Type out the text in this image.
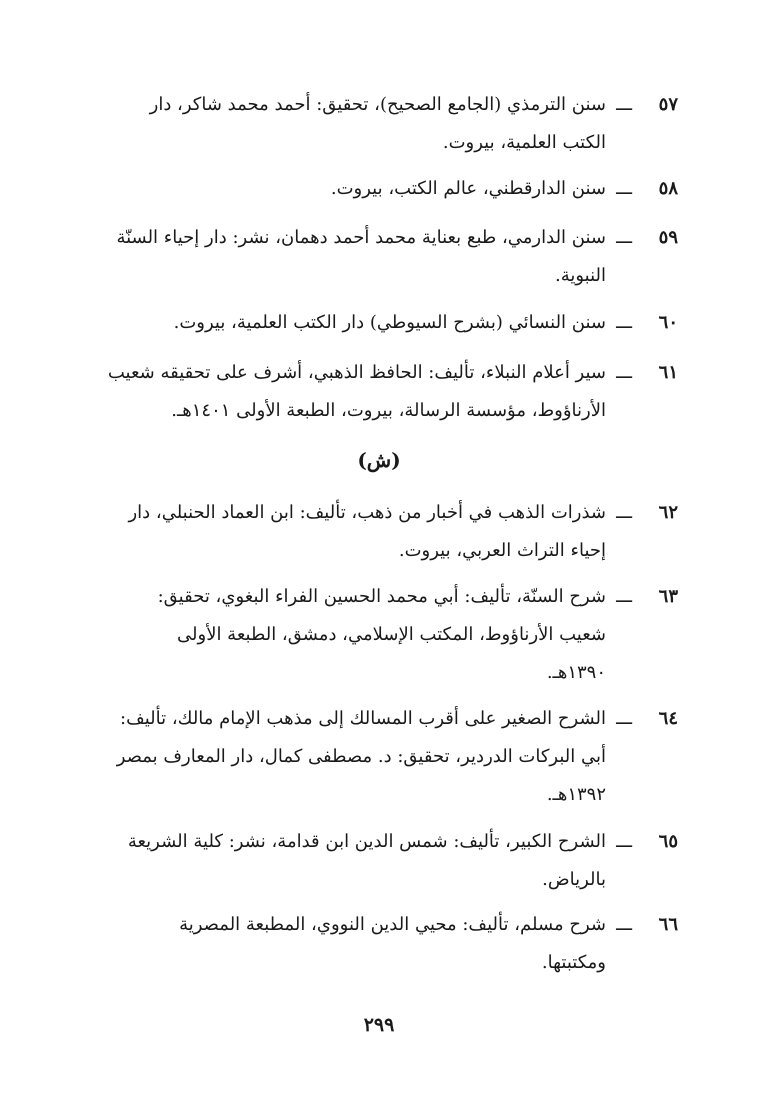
٥٧
ـــ
سنن الترمذي (الجامع الصحيح)، تحقيق: أحمد محمد شاكر، دار
الكتب العلمية، بيروت.
٥٨
ـــ
سنن الدارقطني، عالم الكتب، بيروت.
٥٩
ـــ
سنن الدارمي، طبع بعناية محمد أحمد دهمان، نشر: دار إحياء السنّة
النبوية.
٦٠
ـــ
سنن النسائي (بشرح السيوطي) دار الكتب العلمية، بيروت.
٦١
ـــ
سير أعلام النبلاء، تأليف: الحافظ الذهبي، أشرف على تحقيقه شعيب
الأرناؤوط، مؤسسة الرسالة، بيروت، الطبعة الأولى ١٤٠١هـ.
(ش)
٦٢
ـــ
شذرات الذهب في أخبار من ذهب، تأليف: ابن العماد الحنبلي، دار
إحياء التراث العربي، بيروت.
٦٣
ـــ
شرح السنّة، تأليف: أبي محمد الحسين الفراء البغوي، تحقيق:
شعيب الأرناؤوط، المكتب الإسلامي، دمشق، الطبعة الأولى
١٣٩٠هـ.
٦٤
ـــ
الشرح الصغير على أقرب المسالك إلى مذهب الإمام مالك، تأليف:
أبي البركات الدردير، تحقيق: د. مصطفى كمال، دار المعارف بمصر
١٣٩٢هـ.
٦٥
ـــ
الشرح الكبير، تأليف: شمس الدين ابن قدامة، نشر: كلية الشريعة
بالرياض.
٦٦
ـــ
شرح مسلم، تأليف: محيي الدين النووي، المطبعة المصرية
ومكتبتها.
٢٩٩
